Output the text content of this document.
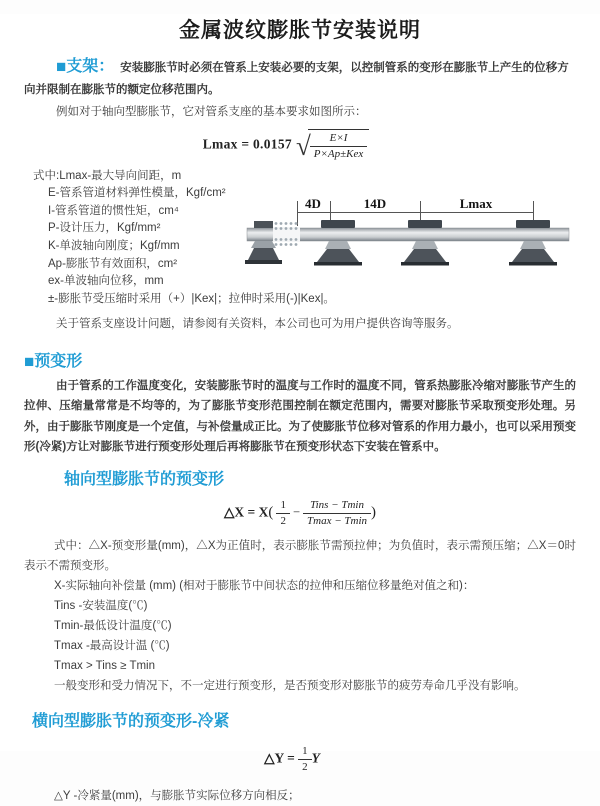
金属波纹膨胀节安装说明

■支架： 安装膨胀节时必须在管系上安装必要的支架，以控制管系的变形在膨胀节上产生的位移方向并限制在膨胀节的额定位移范围内。

例如对于轴向型膨胀节，它对管系支座的基本要求如图所示：

Lmax = 0.0157 √ $\frac{E\times I}{\text{P×Ap±Kex}}$
式中:Lmax-最大导向间距，m
E-管系管道材料弹性模量，Kgf/cm²
I-管系管道的惯性矩，cm⁴
P-设计压力，Kgf/mm²
K-单波轴向刚度；Kgf/mm
Ap-膨胀节有效面积，cm²
ex-单波轴向位移，mm
±-膨胀节受压缩时采用（+）|Kex|；拉伸时采用(-)|Kex|。
4D	14D	Lmax

关于管系支座设计问题，请参阅有关资料，本公司也可为用户提供咨询等服务。

■预变形

由于管系的工作温度变化，安装膨胀节时的温度与工作时的温度不同，管系热膨胀冷缩对膨胀节产生的拉伸、压缩量常常是不均等的，为了膨胀节变形范围控制在额定范围内，需要对膨胀节采取预变形处理。另外，由于膨胀节刚度是一个定值，与补偿量成正比。为了使膨胀节位移对管系的作用力最小，也可以采用预变形(冷紧)方让对膨胀节进行预变形处理后再将膨胀节在预变形状态下安装在管系中。

轴向型膨胀节的预变形
△X = $X( \frac{1}{2} - \frac{\text{Tins − Tmin}}{Tmax - Tmin}$ )

式中：△X-预变形量(mm)，△X为正值时，表示膨胀节需预拉伸；为负值时，表示需预压缩；△X＝0时表示不需预变形。

X-实际轴向补偿量 (mm) (相对于膨胀节中间状态的拉伸和压缩位移量绝对值之和)：

Tins -安装温度(℃)

Tmin-最低设计温度(℃)

Tmax -最高设计温 (℃)

Tmax > Tins ≥ Tmin

一般变形和受力情况下，不一定进行预变形，是否预变形对膨胀节的疲劳寿命几乎没有影响。

横向型膨胀节的预变形-冷紧
△Y = $\frac{1}{2}$ Y

△Y -冷紧量(mm)，与膨胀节实际位移方向相反；
